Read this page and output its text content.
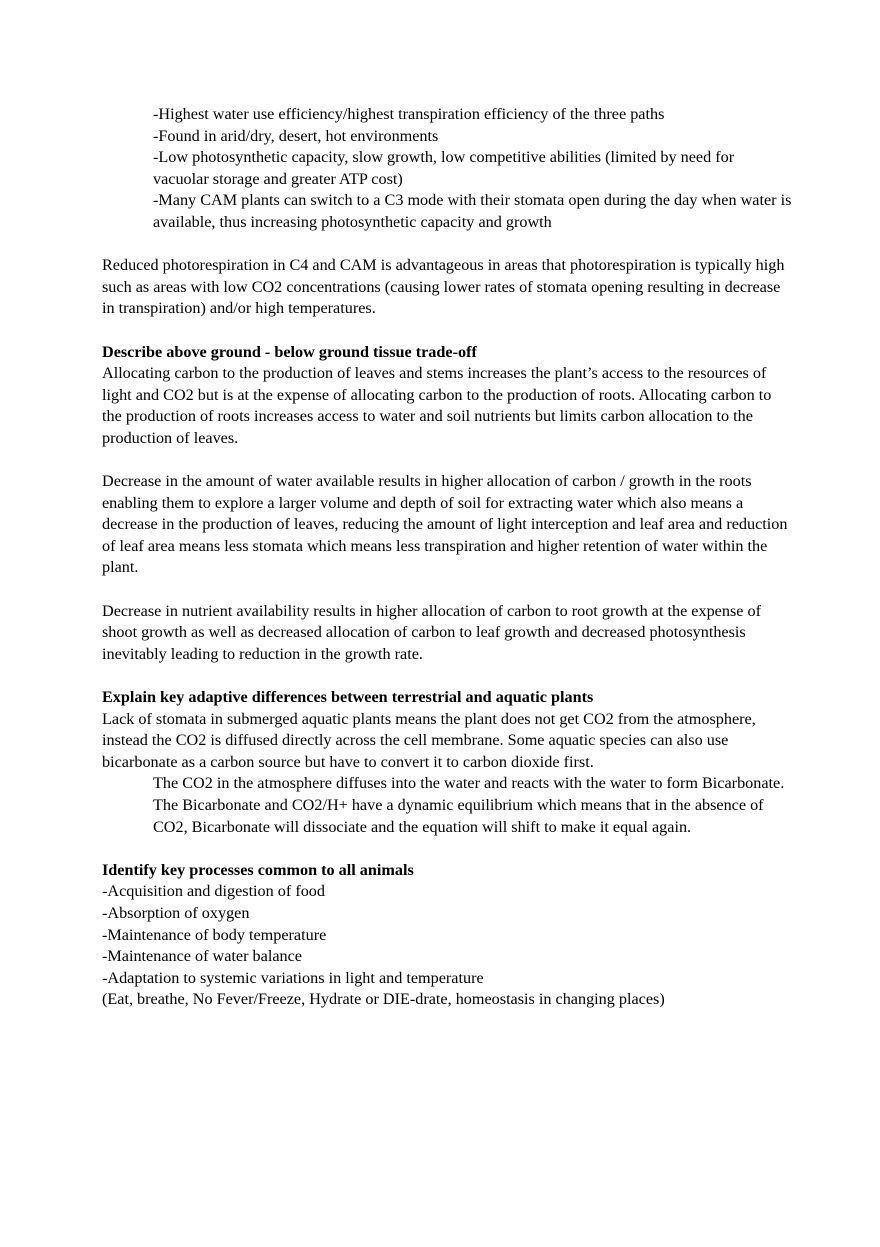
-Highest water use efficiency/highest transpiration efficiency of the three paths

-Found in arid/dry, desert, hot environments

-Low photosynthetic capacity, slow growth, low competitive abilities (limited by need for vacuolar storage and greater ATP cost)

-Many CAM plants can switch to a C3 mode with their stomata open during the day when water is available, thus increasing photosynthetic capacity and growth

Reduced photorespiration in C4 and CAM is advantageous in areas that photorespiration is typically high such as areas with low CO2 concentrations (causing lower rates of stomata opening resulting in decrease in transpiration) and/or high temperatures.

Describe above ground - below ground tissue trade-off

Allocating carbon to the production of leaves and stems increases the plant’s access to the resources of light and CO2 but is at the expense of allocating carbon to the production of roots. Allocating carbon to the production of roots increases access to water and soil nutrients but limits carbon allocation to the production of leaves.

Decrease in the amount of water available results in higher allocation of carbon / growth in the roots enabling them to explore a larger volume and depth of soil for extracting water which also means a decrease in the production of leaves, reducing the amount of light interception and leaf area and reduction of leaf area means less stomata which means less transpiration and higher retention of water within the plant.

Decrease in nutrient availability results in higher allocation of carbon to root growth at the expense of shoot growth as well as decreased allocation of carbon to leaf growth and decreased photosynthesis inevitably leading to reduction in the growth rate.

Explain key adaptive differences between terrestrial and aquatic plants

Lack of stomata in submerged aquatic plants means the plant does not get CO2 from the atmosphere, instead the CO2 is diffused directly across the cell membrane. Some aquatic species can also use bicarbonate as a carbon source but have to convert it to carbon dioxide first.

The CO2 in the atmosphere diffuses into the water and reacts with the water to form Bicarbonate. The Bicarbonate and CO2/H+ have a dynamic equilibrium which means that in the absence of CO2, Bicarbonate will dissociate and the equation will shift to make it equal again.

Identify key processes common to all animals

-Acquisition and digestion of food

-Absorption of oxygen

-Maintenance of body temperature

-Maintenance of water balance

-Adaptation to systemic variations in light and temperature

(Eat, breathe, No Fever/Freeze, Hydrate or DIE-drate, homeostasis in changing places)
